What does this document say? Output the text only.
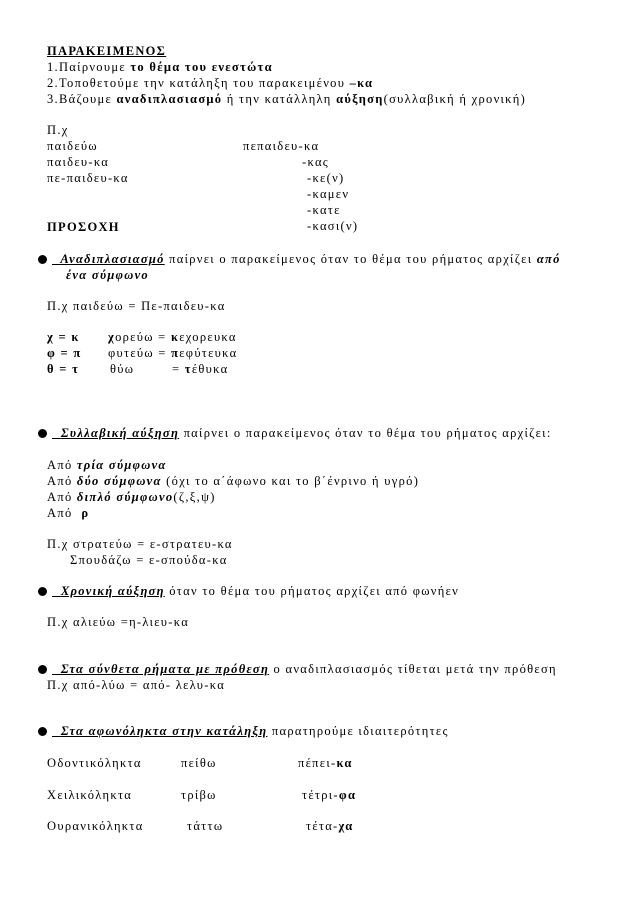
ΠΑΡΑΚΕΙΜΕΝΟΣ
1.Παίρνουμε το θέμα του ενεστώτα
2.Τοποθετούμε την κατάληξη του παρακειμένου –κα
3.Βάζουμε αναδιπλασιασμό ή την κατάλληλη αύξηση(συλλαβική ή χρονική)
Π.χ
παιδεύω
παιδευ-κα
πε-παιδευ-κα
πεπαιδευ-κα
-κας
-κε(ν)
-καμεν
-κατε
-κασι(ν)
ΠΡΟΣΟΧΗ
Αναδιπλασιασμό παίρνει ο παρακείμενος όταν το θέμα του ρήματος αρχίζει από
ένα σύμφωνο
Π.χ παιδεύω = Πε-παιδευ-κα
χ = κ χορεύω = κεχορευκα
φ = π φυτεύω = πεφύτευκα
θ = τ θύω	= τέθυκα
Συλλαβική αύξηση παίρνει ο παρακείμενος όταν το θέμα του ρήματος αρχίζει:
Από τρία σύμφωνα
Από δύο σύμφωνα (όχι το α΄άφωνο και το β΄ένρινο ή υγρό)
Από διπλό σύμφωνο(ζ,ξ,ψ)
Από  ρ
Π.χ στρατεύω = ε-στρατευ-κα
Σπουδάζω = ε-σπούδα-κα
Χρονική αύξηση όταν το θέμα του ρήματος αρχίζει από φωνήεν
Π.χ αλιεύω =η-λιευ-κα
Στα σύνθετα ρήματα με πρόθεση ο αναδιπλασιασμός τίθεται μετά την πρόθεση
Π.χ από-λύω = από- λελυ-κα
Στα αφωνόληκτα στην κατάληξη παρατηρούμε ιδιαιτερότητες
Οδοντικόληκτα	πείθω	πέπει-κα
Χειλικόληκτα	τρίβω	τέτρι-φα
Ουρανικόληκτα	τάττω	τέτα-χα
